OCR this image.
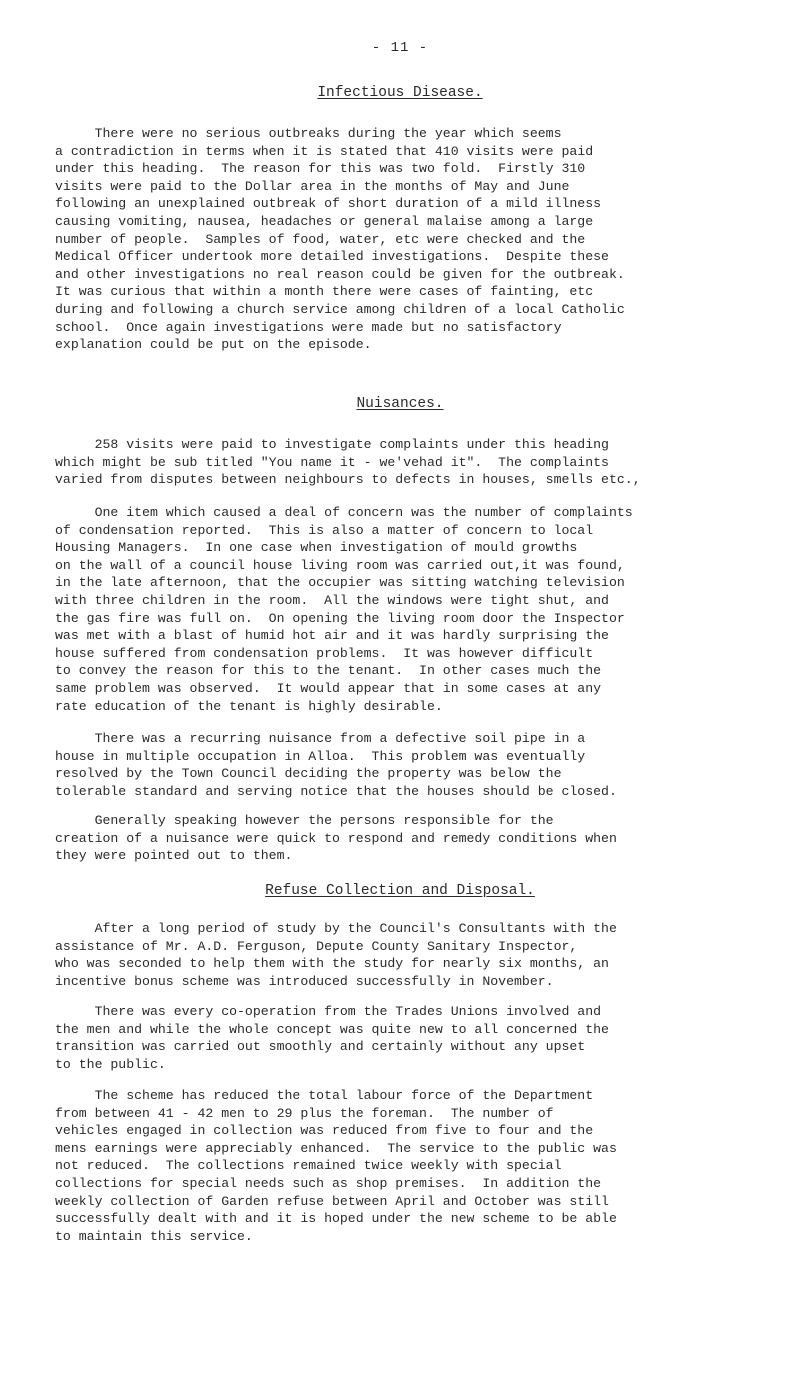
- 11 -
Infectious Disease.

There were no serious outbreaks during the year which seems
a contradiction in terms when it is stated that 410 visits were paid
under this heading.  The reason for this was two fold.  Firstly 310
visits were paid to the Dollar area in the months of May and June
following an unexplained outbreak of short duration of a mild illness
causing vomiting, nausea, headaches or general malaise among a large
number of people.  Samples of food, water, etc were checked and the
Medical Officer undertook more detailed investigations.  Despite these
and other investigations no real reason could be given for the outbreak.
It was curious that within a month there were cases of fainting, etc
during and following a church service among children of a local Catholic
school.  Once again investigations were made but no satisfactory
explanation could be put on the episode.

Nuisances.

258 visits were paid to investigate complaints under this heading
which might be sub titled "You name it - we'vehad it".  The complaints
varied from disputes between neighbours to defects in houses, smells etc.,

One item which caused a deal of concern was the number of complaints
of condensation reported.  This is also a matter of concern to local
Housing Managers.  In one case when investigation of mould growths
on the wall of a council house living room was carried out,it was found,
in the late afternoon, that the occupier was sitting watching television
with three children in the room.  All the windows were tight shut, and
the gas fire was full on.  On opening the living room door the Inspector
was met with a blast of humid hot air and it was hardly surprising the
house suffered from condensation problems.  It was however difficult
to convey the reason for this to the tenant.  In other cases much the
same problem was observed.  It would appear that in some cases at any
rate education of the tenant is highly desirable.

There was a recurring nuisance from a defective soil pipe in a
house in multiple occupation in Alloa.  This problem was eventually
resolved by the Town Council deciding the property was below the
tolerable standard and serving notice that the houses should be closed.

Generally speaking however the persons responsible for the
creation of a nuisance were quick to respond and remedy conditions when
they were pointed out to them.

Refuse Collection and Disposal.

After a long period of study by the Council's Consultants with the
assistance of Mr. A.D. Ferguson, Depute County Sanitary Inspector,
who was seconded to help them with the study for nearly six months, an
incentive bonus scheme was introduced successfully in November.

There was every co-operation from the Trades Unions involved and
the men and while the whole concept was quite new to all concerned the
transition was carried out smoothly and certainly without any upset
to the public.

The scheme has reduced the total labour force of the Department
from between 41 - 42 men to 29 plus the foreman.  The number of
vehicles engaged in collection was reduced from five to four and the
mens earnings were appreciably enhanced.  The service to the public was
not reduced.  The collections remained twice weekly with special
collections for special needs such as shop premises.  In addition the
weekly collection of Garden refuse between April and October was still
successfully dealt with and it is hoped under the new scheme to be able
to maintain this service.
